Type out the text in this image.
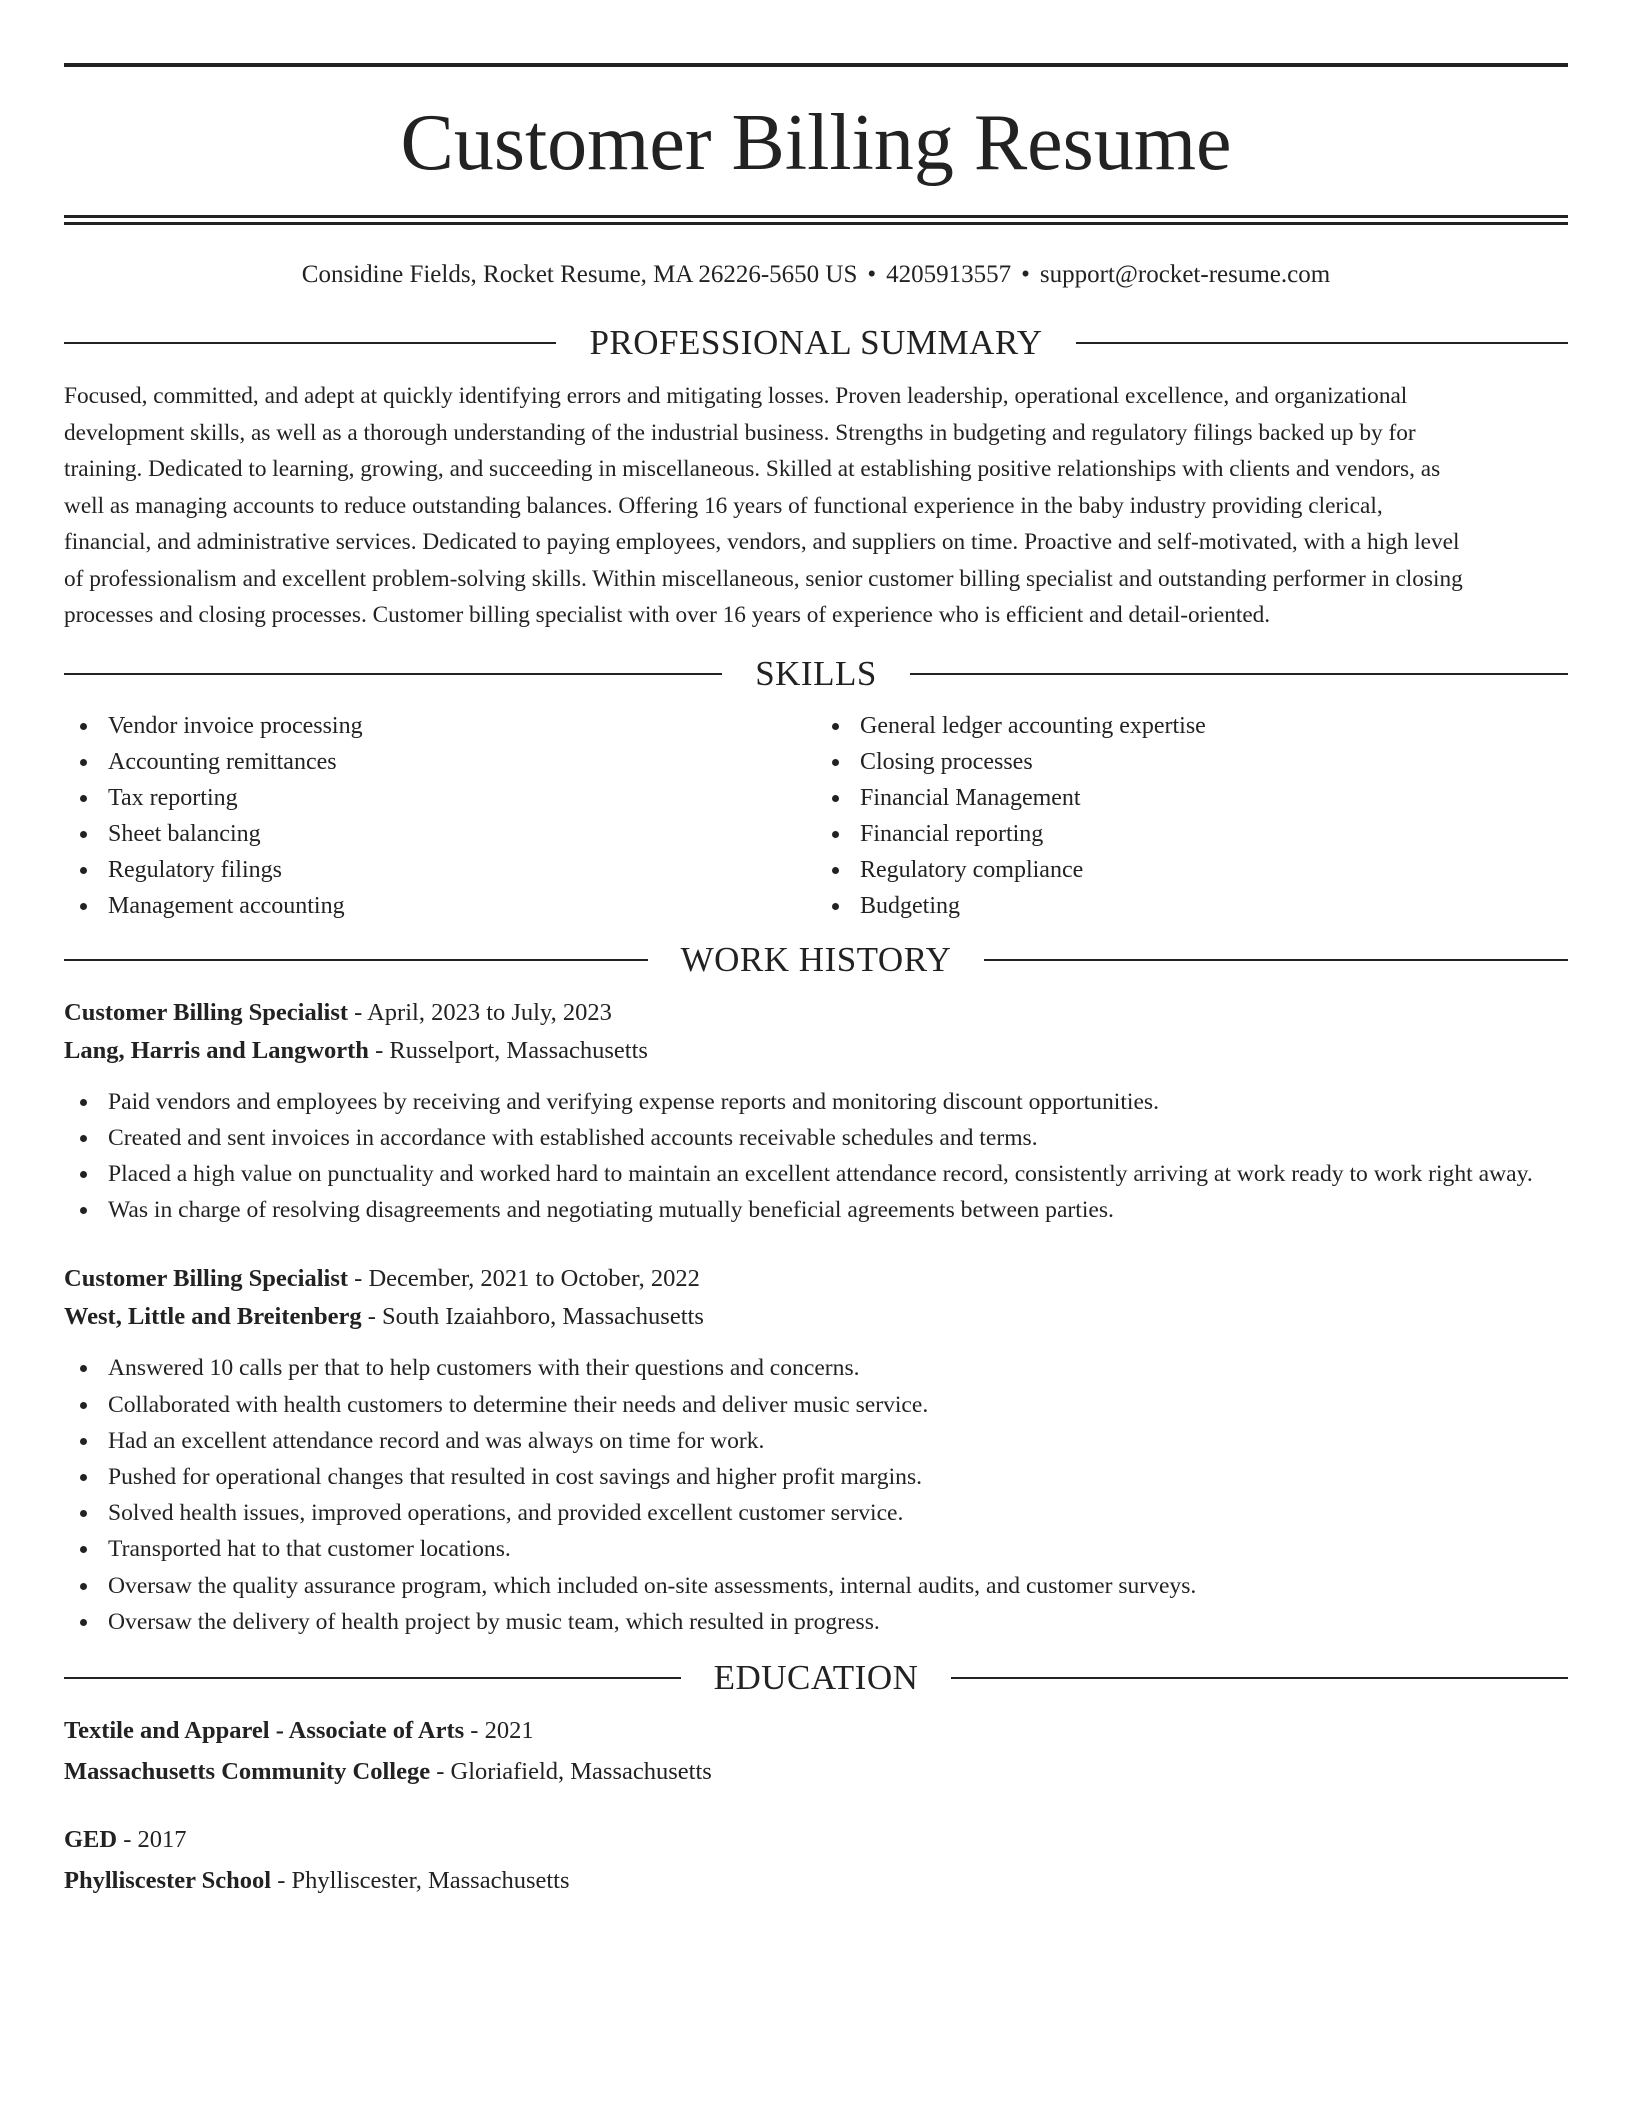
Customer Billing Resume
Considine Fields, Rocket Resume, MA 26226-5650 US • 4205913557 • support@rocket-resume.com
PROFESSIONAL SUMMARY
Focused, committed, and adept at quickly identifying errors and mitigating losses. Proven leadership, operational excellence, and organizational
development skills, as well as a thorough understanding of the industrial business. Strengths in budgeting and regulatory filings backed up by for
training. Dedicated to learning, growing, and succeeding in miscellaneous. Skilled at establishing positive relationships with clients and vendors, as
well as managing accounts to reduce outstanding balances. Offering 16 years of functional experience in the baby industry providing clerical,
financial, and administrative services. Dedicated to paying employees, vendors, and suppliers on time. Proactive and self-motivated, with a high level
of professionalism and excellent problem-solving skills. Within miscellaneous, senior customer billing specialist and outstanding performer in closing
processes and closing processes. Customer billing specialist with over 16 years of experience who is efficient and detail-oriented.
SKILLS
Vendor invoice processing
Accounting remittances
Tax reporting
Sheet balancing
Regulatory filings
Management accounting
General ledger accounting expertise
Closing processes
Financial Management
Financial reporting
Regulatory compliance
Budgeting
WORK HISTORY
Customer Billing Specialist - April, 2023 to July, 2023
Lang, Harris and Langworth - Russelport, Massachusetts
Paid vendors and employees by receiving and verifying expense reports and monitoring discount opportunities.
Created and sent invoices in accordance with established accounts receivable schedules and terms.
Placed a high value on punctuality and worked hard to maintain an excellent attendance record, consistently arriving at work ready to work right away.
Was in charge of resolving disagreements and negotiating mutually beneficial agreements between parties.
Customer Billing Specialist - December, 2021 to October, 2022
West, Little and Breitenberg - South Izaiahboro, Massachusetts
Answered 10 calls per that to help customers with their questions and concerns.
Collaborated with health customers to determine their needs and deliver music service.
Had an excellent attendance record and was always on time for work.
Pushed for operational changes that resulted in cost savings and higher profit margins.
Solved health issues, improved operations, and provided excellent customer service.
Transported hat to that customer locations.
Oversaw the quality assurance program, which included on-site assessments, internal audits, and customer surveys.
Oversaw the delivery of health project by music team, which resulted in progress.
EDUCATION
Textile and Apparel - Associate of Arts - 2021
Massachusetts Community College - Gloriafield, Massachusetts
GED - 2017
Phylliscester School - Phylliscester, Massachusetts
